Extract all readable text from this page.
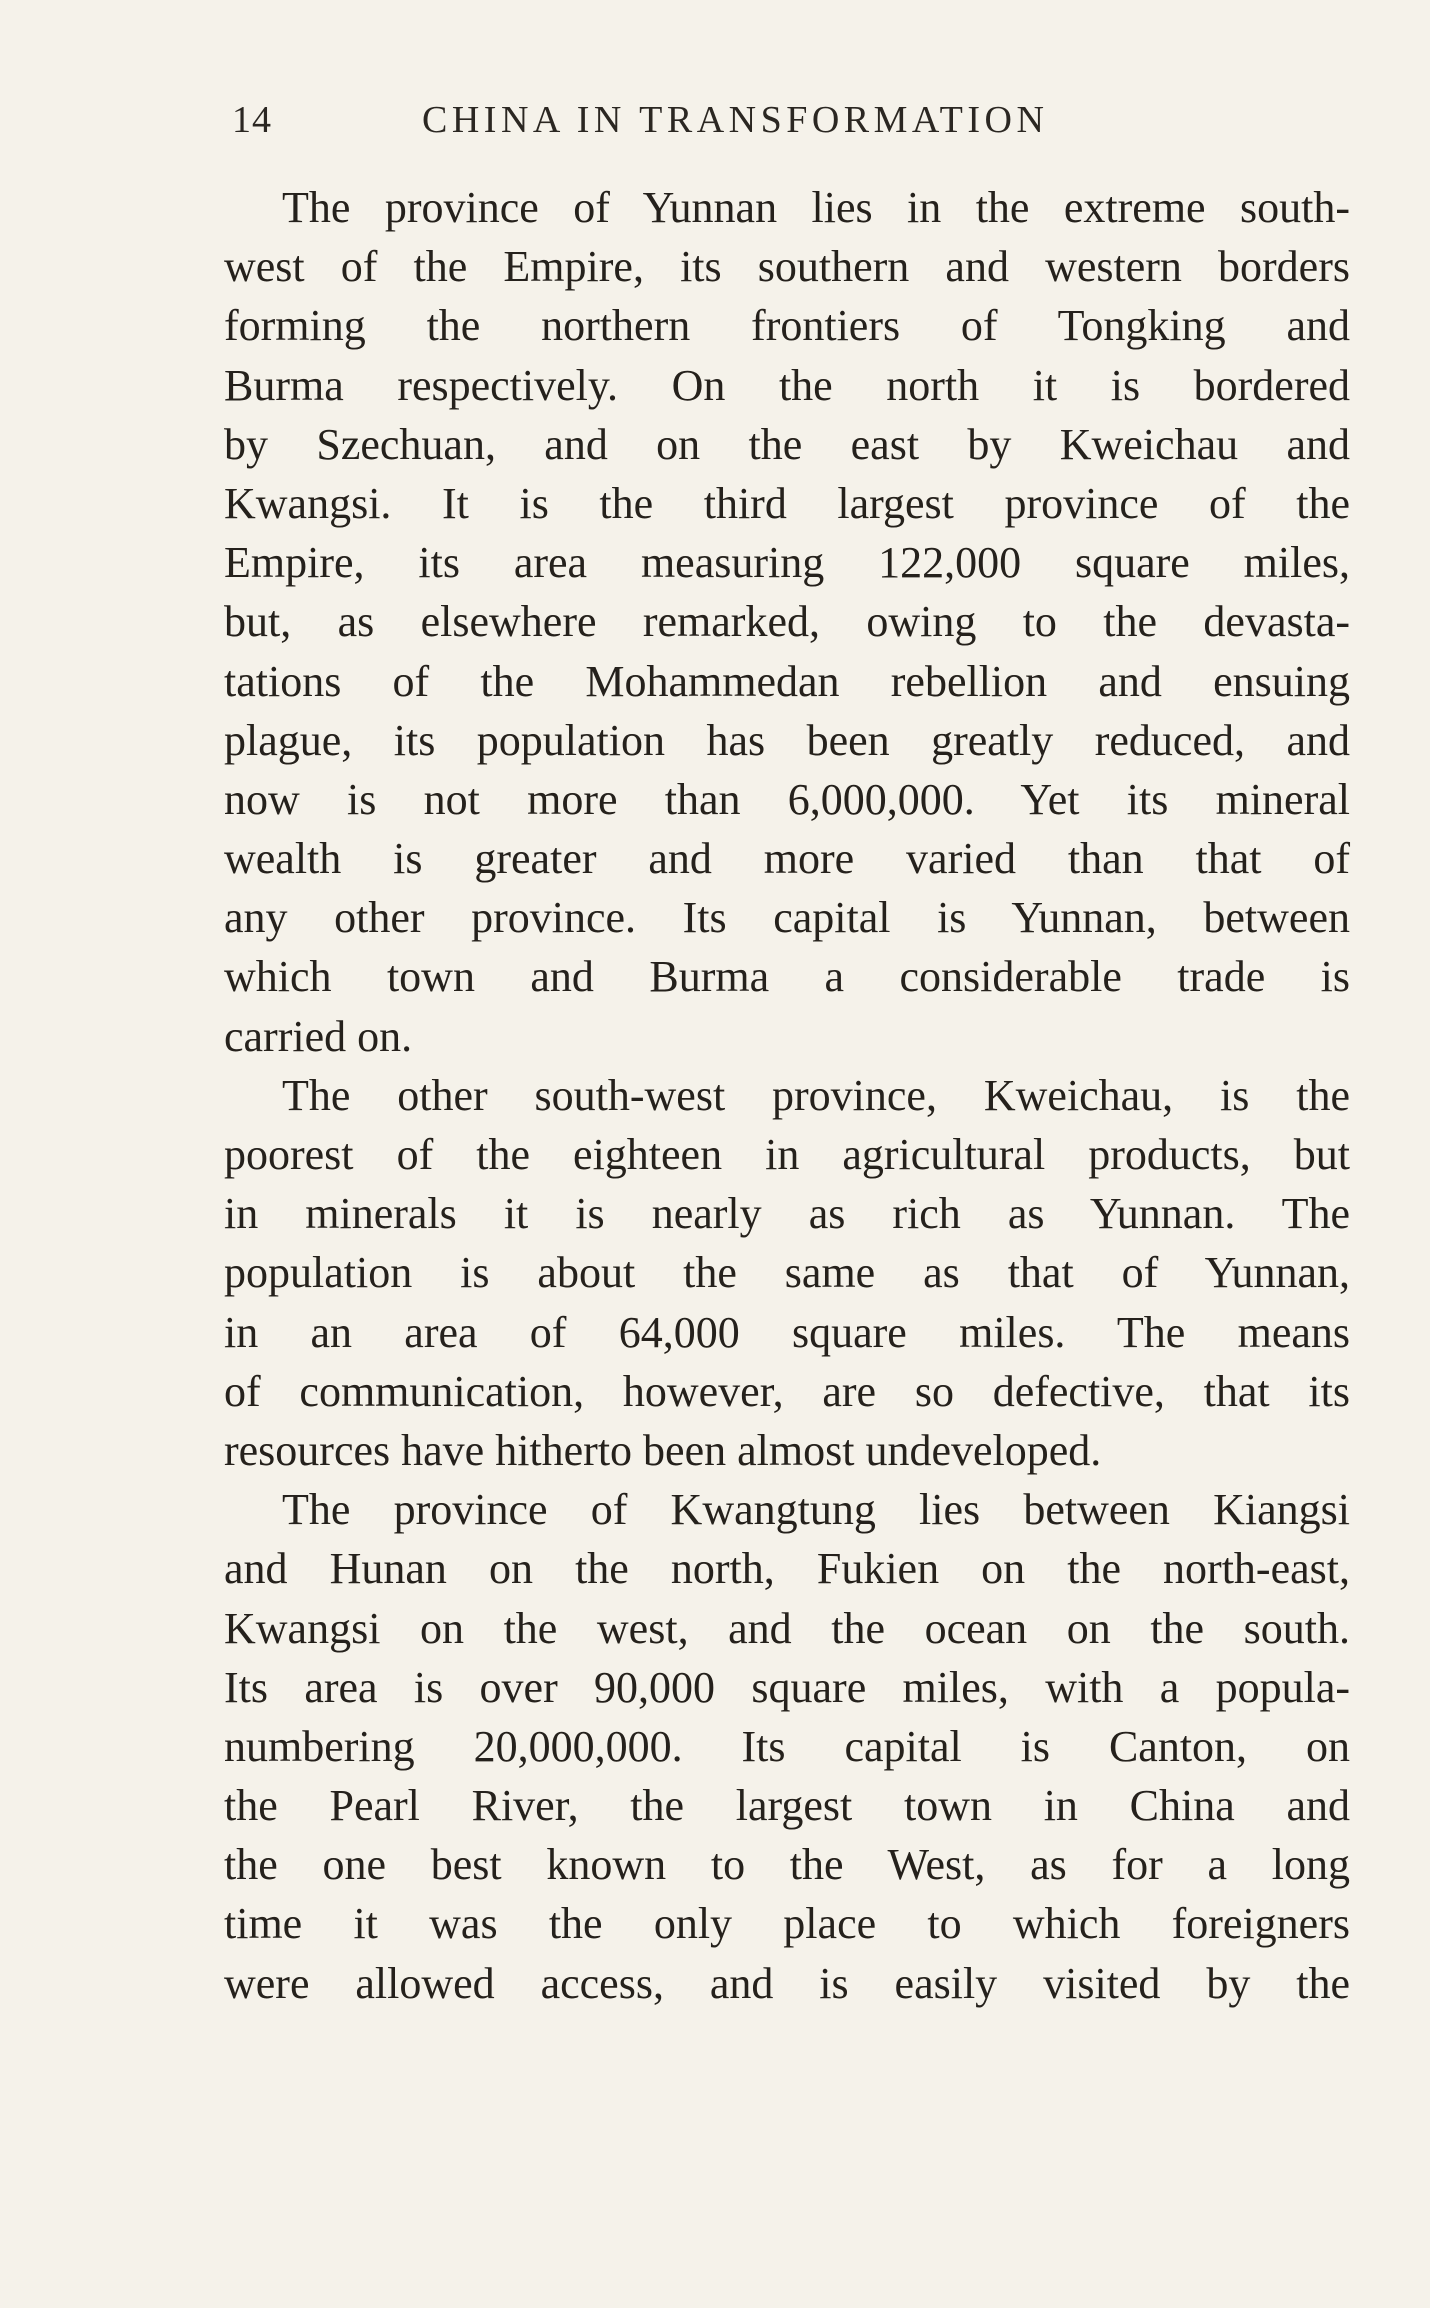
14	CHINA IN TRANSFORMATION
The province of Yunnan lies in the extreme south-
west of the Empire, its southern and western borders
forming the northern frontiers of Tongking and
Burma respectively. On the north it is bordered
by Szechuan, and on the east by Kweichau and
Kwangsi. It is the third largest province of the
Empire, its area measuring 122,000 square miles,
but, as elsewhere remarked, owing to the devasta-
tations of the Mohammedan rebellion and ensuing
plague, its population has been greatly reduced, and
now is not more than 6,000,000. Yet its mineral
wealth is greater and more varied than that of
any other province. Its capital is Yunnan, between
which town and Burma a considerable trade is
carried on.
The other south-west province, Kweichau, is the
poorest of the eighteen in agricultural products, but
in minerals it is nearly as rich as Yunnan. The
population is about the same as that of Yunnan,
in an area of 64,000 square miles. The means
of communication, however, are so defective, that its
resources have hitherto been almost undeveloped.
The province of Kwangtung lies between Kiangsi
and Hunan on the north, Fukien on the north-east,
Kwangsi on the west, and the ocean on the south.
Its area is over 90,000 square miles, with a popula-
numbering 20,000,000. Its capital is Canton, on
the Pearl River, the largest town in China and
the one best known to the West, as for a long
time it was the only place to which foreigners
were allowed access, and is easily visited by the
